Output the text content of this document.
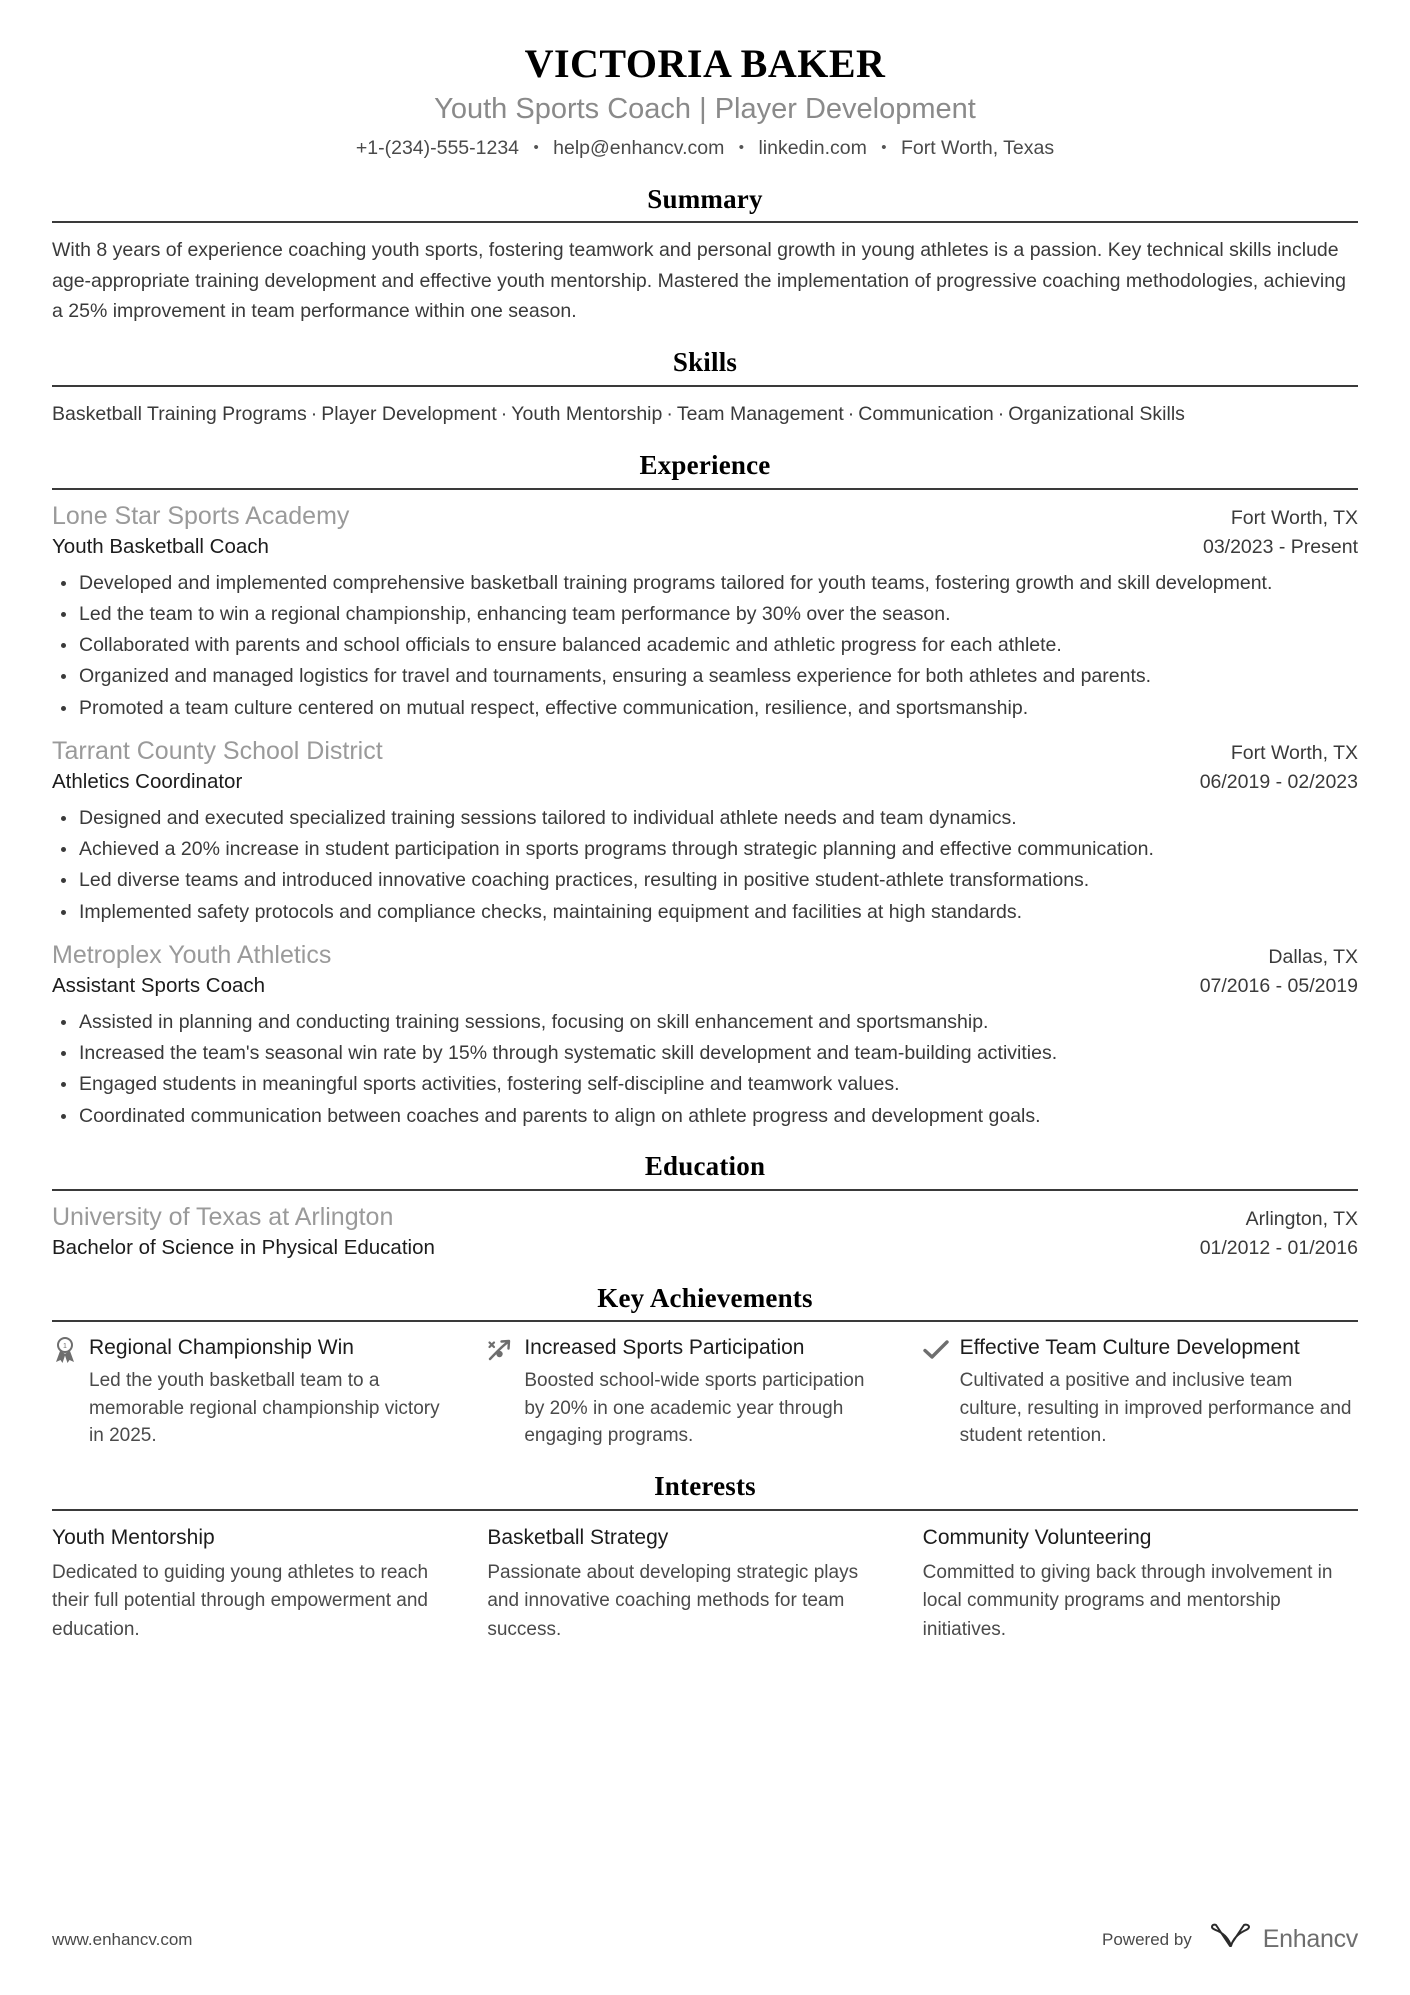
VICTORIA BAKER
Youth Sports Coach | Player Development
+1-(234)-555-1234 • help@enhancv.com • linkedin.com • Fort Worth, Texas
Summary

With 8 years of experience coaching youth sports, fostering teamwork and personal growth in young athletes is a passion. Key technical skills include age-appropriate training development and effective youth mentorship. Mastered the implementation of progressive coaching methodologies, achieving a 25% improvement in team performance within one season.

Skills
Basketball Training Programs · Player Development · Youth Mentorship · Team Management · Communication · Organizational Skills
Experience
Lone Star Sports Academy	Fort Worth, TX
Youth Basketball Coach	03/2023 - Present
Developed and implemented comprehensive basketball training programs tailored for youth teams, fostering growth and skill development.
Led the team to win a regional championship, enhancing team performance by 30% over the season.
Collaborated with parents and school officials to ensure balanced academic and athletic progress for each athlete.
Organized and managed logistics for travel and tournaments, ensuring a seamless experience for both athletes and parents.
Promoted a team culture centered on mutual respect, effective communication, resilience, and sportsmanship.
Tarrant County School District	Fort Worth, TX
Athletics Coordinator	06/2019 - 02/2023
Designed and executed specialized training sessions tailored to individual athlete needs and team dynamics.
Achieved a 20% increase in student participation in sports programs through strategic planning and effective communication.
Led diverse teams and introduced innovative coaching practices, resulting in positive student-athlete transformations.
Implemented safety protocols and compliance checks, maintaining equipment and facilities at high standards.
Metroplex Youth Athletics	Dallas, TX
Assistant Sports Coach	07/2016 - 05/2019
Assisted in planning and conducting training sessions, focusing on skill enhancement and sportsmanship.
Increased the team's seasonal win rate by 15% through systematic skill development and team-building activities.
Engaged students in meaningful sports activities, fostering self-discipline and teamwork values.
Coordinated communication between coaches and parents to align on athlete progress and development goals.
Education
University of Texas at Arlington	Arlington, TX
Bachelor of Science in Physical Education	01/2012 - 01/2016
Key Achievements
1 Regional Championship Win
Led the youth basketball team to a memorable regional championship victory in 2025.
Increased Sports Participation
Boosted school-wide sports participation by 20% in one academic year through engaging programs.
Effective Team Culture Development
Cultivated a positive and inclusive team culture, resulting in improved performance and student retention.
Interests
Youth Mentorship
Dedicated to guiding young athletes to reach their full potential through empowerment and education.
Basketball Strategy
Passionate about developing strategic plays and innovative coaching methods for team success.
Community Volunteering
Committed to giving back through involvement in local community programs and mentorship initiatives.
www.enhancv.com	Powered by	Enhancv
